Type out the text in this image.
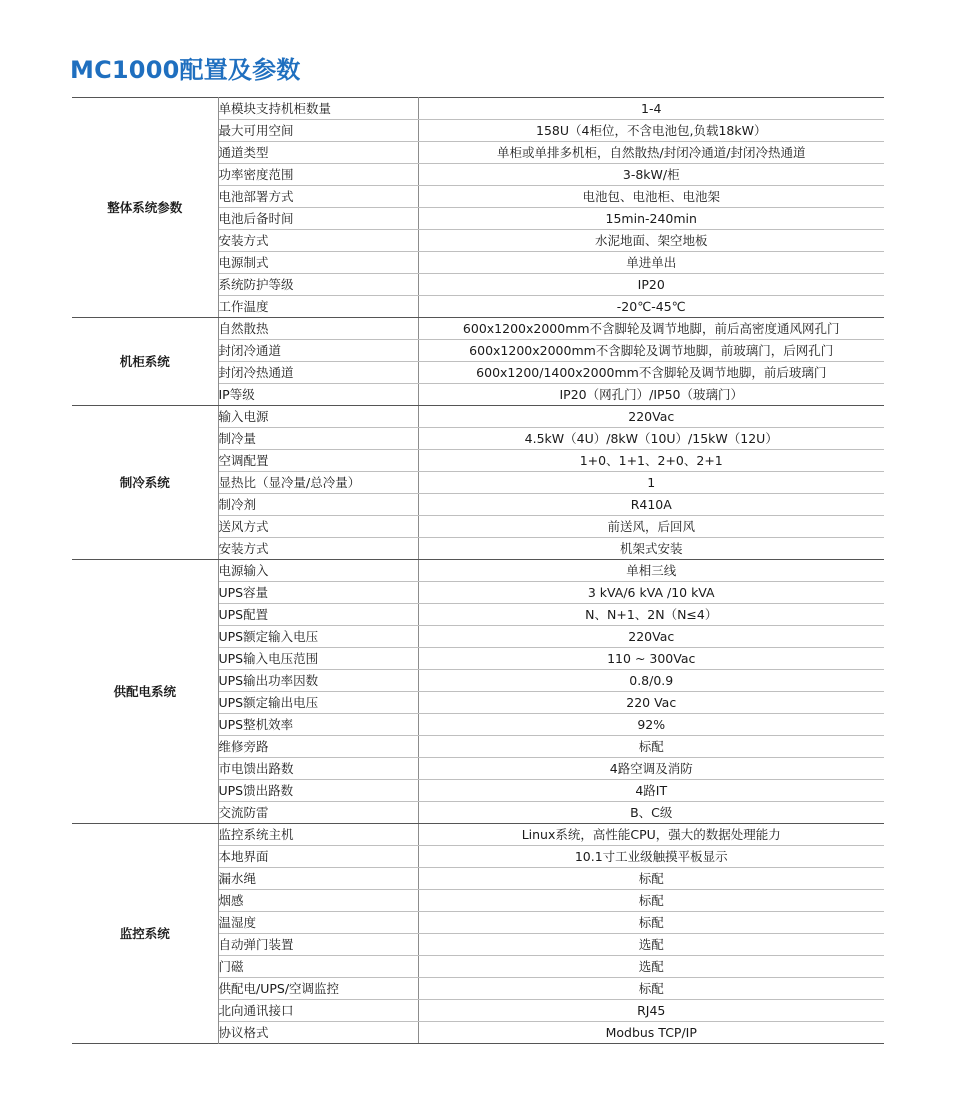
MC1000配置及参数
整体系统参数	单模块支持机柜数量	1-4
	最大可用空间	158U（4柜位，不含电池包,负载18kW）
	通道类型	单柜或单排多机柜，自然散热/封闭冷通道/封闭冷热通道
	功率密度范围	3-8kW/柜
	电池部署方式	电池包、电池柜、电池架
	电池后备时间	15min-240min
	安装方式	水泥地面、架空地板
	电源制式	单进单出
	系统防护等级	IP20
	工作温度	-20℃-45℃
机柜系统	自然散热	600x1200x2000mm不含脚轮及调节地脚，前后高密度通风网孔门
	封闭冷通道	600x1200x2000mm不含脚轮及调节地脚，前玻璃门，后网孔门
	封闭冷热通道	600x1200/1400x2000mm不含脚轮及调节地脚，前后玻璃门
	IP等级	IP20（网孔门）/IP50（玻璃门）
制冷系统	输入电源	220Vac
	制冷量	4.5kW（4U）/8kW（10U）/15kW（12U）
	空调配置	1+0、1+1、2+0、2+1
	显热比（显冷量/总冷量）	1
	制冷剂	R410A
	送风方式	前送风，后回风
	安装方式	机架式安装
供配电系统	电源输入	单相三线
	UPS容量	3 kVA/6 kVA /10 kVA
	UPS配置	N、N+1、2N（N≤4）
	UPS额定输入电压	220Vac
	UPS输入电压范围	110 ~ 300Vac
	UPS输出功率因数	0.8/0.9
	UPS额定输出电压	220 Vac
	UPS整机效率	92%
	维修旁路	标配
	市电馈出路数	4路空调及消防
	UPS馈出路数	4路IT
	交流防雷	B、C级
监控系统	监控系统主机	Linux系统，高性能CPU，强大的数据处理能力
	本地界面	10.1寸工业级触摸平板显示
	漏水绳	标配
	烟感	标配
	温湿度	标配
	自动弹门装置	选配
	门磁	选配
	供配电/UPS/空调监控	标配
	北向通讯接口	RJ45
	协议格式	Modbus TCP/IP
